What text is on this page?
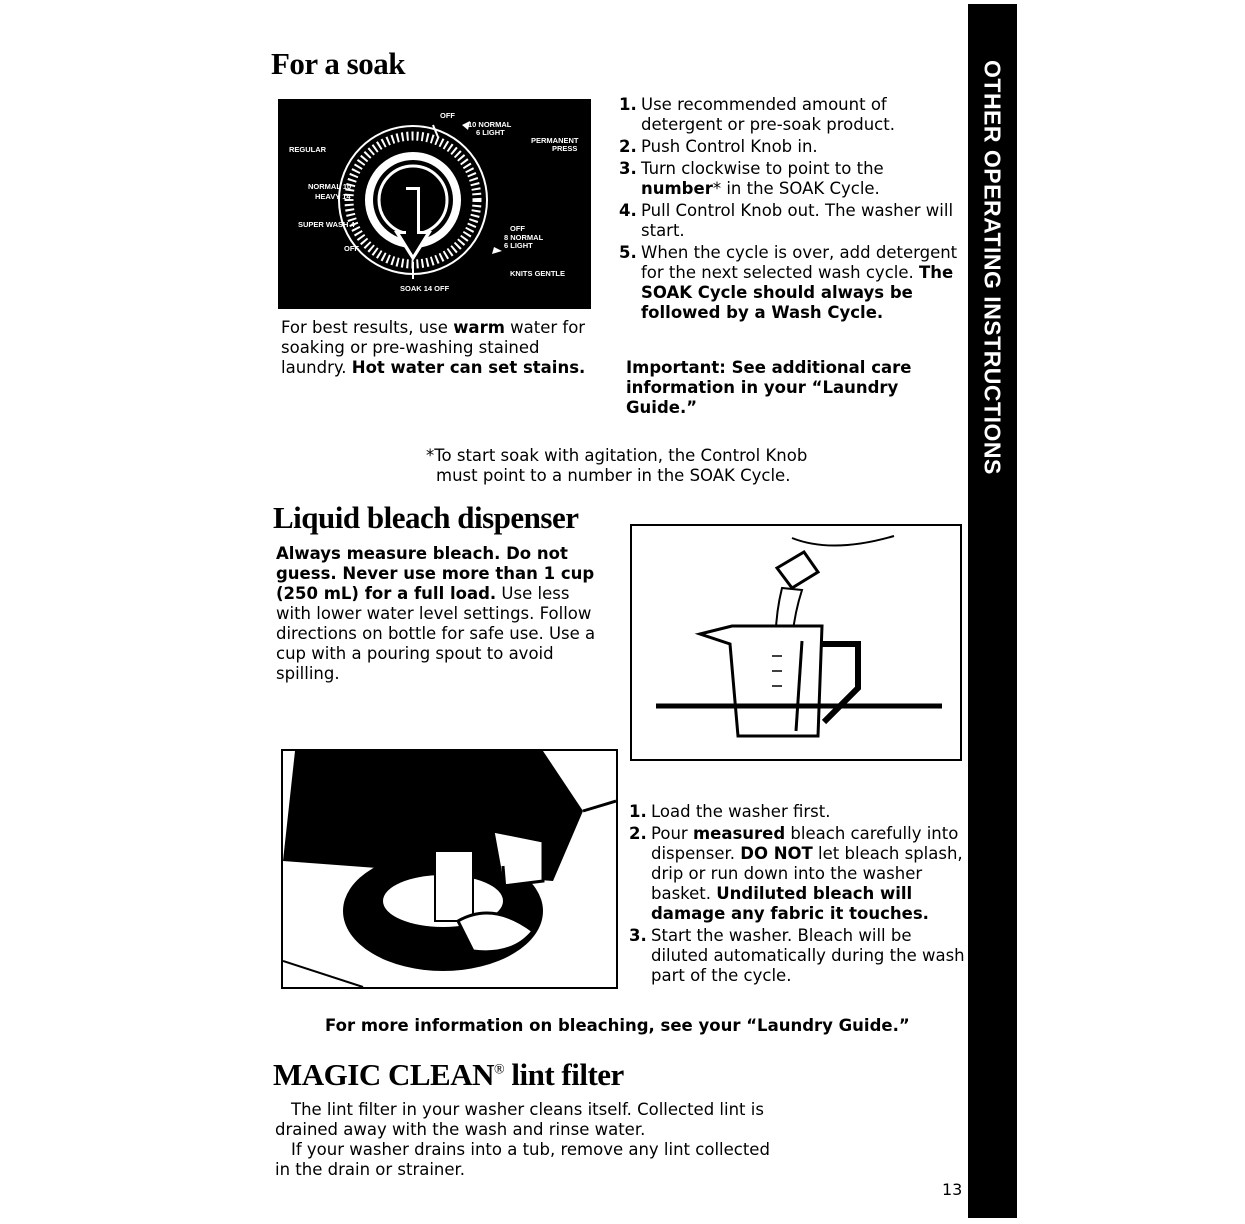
OTHER OPERATING INSTRUCTIONS
For a soak
OFF
10 NORMAL
6 LIGHT
PERMANENT
PRESS
REGULAR
NORMAL 10
HEAVY 14
SUPER WASH 4
OFF
OFF
8 NORMAL
6 LIGHT
KNITS GENTLE
SOAK 14 OFF
For best results, use warm water for soaking or pre-washing stained laundry. Hot water can set stains.
1. Use recommended amount of detergent or pre-soak product.
2. Push Control Knob in.
3. Turn clockwise to point to the number* in the SOAK Cycle.
4. Pull Control Knob out. The washer will start.
5. When the cycle is over, add detergent for the next selected wash cycle. The SOAK Cycle should always be followed by a Wash Cycle.
Important: See additional care information in your “Laundry Guide.”
*To start soak with agitation, the Control Knob
must point to a number in the SOAK Cycle.
Liquid bleach dispenser
Always measure bleach. Do not guess. Never use more than 1 cup (250 mL) for a full load. Use less with lower water level settings. Follow directions on bottle for safe use. Use a cup with a pouring spout to avoid spilling.
1. Load the washer first.
2. Pour measured bleach carefully into dispenser. DO NOT let bleach splash, drip or run down into the washer basket. Undiluted bleach will damage any fabric it touches.
3. Start the washer. Bleach will be diluted automatically during the wash part of the cycle.
For more information on bleaching, see your “Laundry Guide.”
MAGIC CLEAN® lint filter
The lint filter in your washer cleans itself. Collected lint is drained away with the wash and rinse water.
If your washer drains into a tub, remove any lint collected in the drain or strainer.
13
